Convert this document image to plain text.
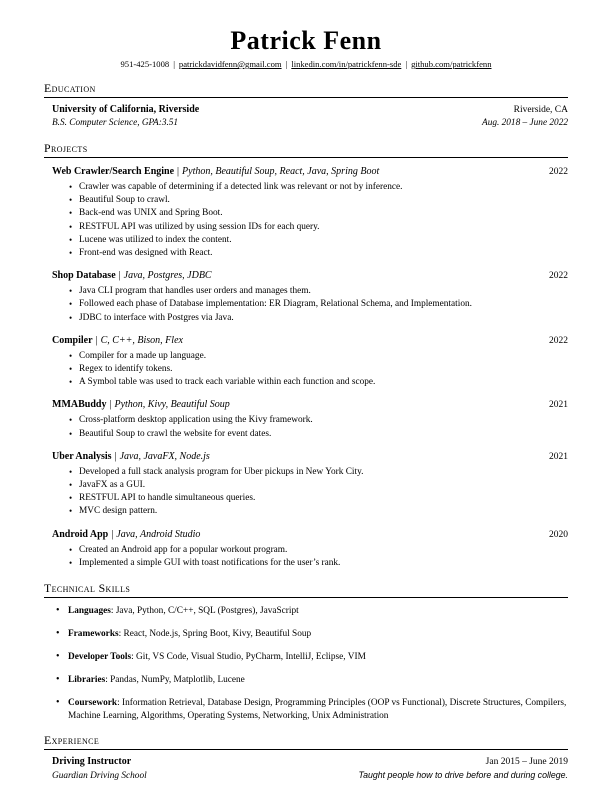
Patrick Fenn
951-425-1008 | patrickdavidfenn@gmail.com | linkedin.com/in/patrickfenn-sde | github.com/patrickfenn
Education
University of California, Riverside	Riverside, CA
B.S. Computer Science, GPA:3.51	Aug. 2018 – June 2022
Projects
Web Crawler/Search Engine | Python, Beautiful Soup, React, Java, Spring Boot	2022
• Crawler was capable of determining if a detected link was relevant or not by inference.
• Beautiful Soup to crawl.
• Back-end was UNIX and Spring Boot.
• RESTFUL API was utilized by using session IDs for each query.
• Lucene was utilized to index the content.
• Front-end was designed with React.
Shop Database | Java, Postgres, JDBC	2022
• Java CLI program that handles user orders and manages them.
• Followed each phase of Database implementation: ER Diagram, Relational Schema, and Implementation.
• JDBC to interface with Postgres via Java.
Compiler | C, C++, Bison, Flex	2022
• Compiler for a made up language.
• Regex to identify tokens.
• A Symbol table was used to track each variable within each function and scope.
MMABuddy | Python, Kivy, Beautiful Soup	2021
• Cross-platform desktop application using the Kivy framework.
• Beautiful Soup to crawl the website for event dates.
Uber Analysis | Java, JavaFX, Node.js	2021
• Developed a full stack analysis program for Uber pickups in New York City.
• JavaFX as a GUI.
• RESTFUL API to handle simultaneous queries.
• MVC design pattern.
Android App | Java, Android Studio	2020
• Created an Android app for a popular workout program.
• Implemented a simple GUI with toast notifications for the user’s rank.
Technical Skills
• Languages: Java, Python, C/C++, SQL (Postgres), JavaScript
• Frameworks: React, Node.js, Spring Boot, Kivy, Beautiful Soup
• Developer Tools: Git, VS Code, Visual Studio, PyCharm, IntelliJ, Eclipse, VIM
• Libraries: Pandas, NumPy, Matplotlib, Lucene
• Coursework: Information Retrieval, Database Design, Programming Principles (OOP vs Functional), Discrete Structures, Compilers, Machine Learning, Algorithms, Operating Systems, Networking, Unix Administration
Experience
Driving Instructor	Jan 2015 – June 2019
Guardian Driving School	Taught people how to drive before and during college.
